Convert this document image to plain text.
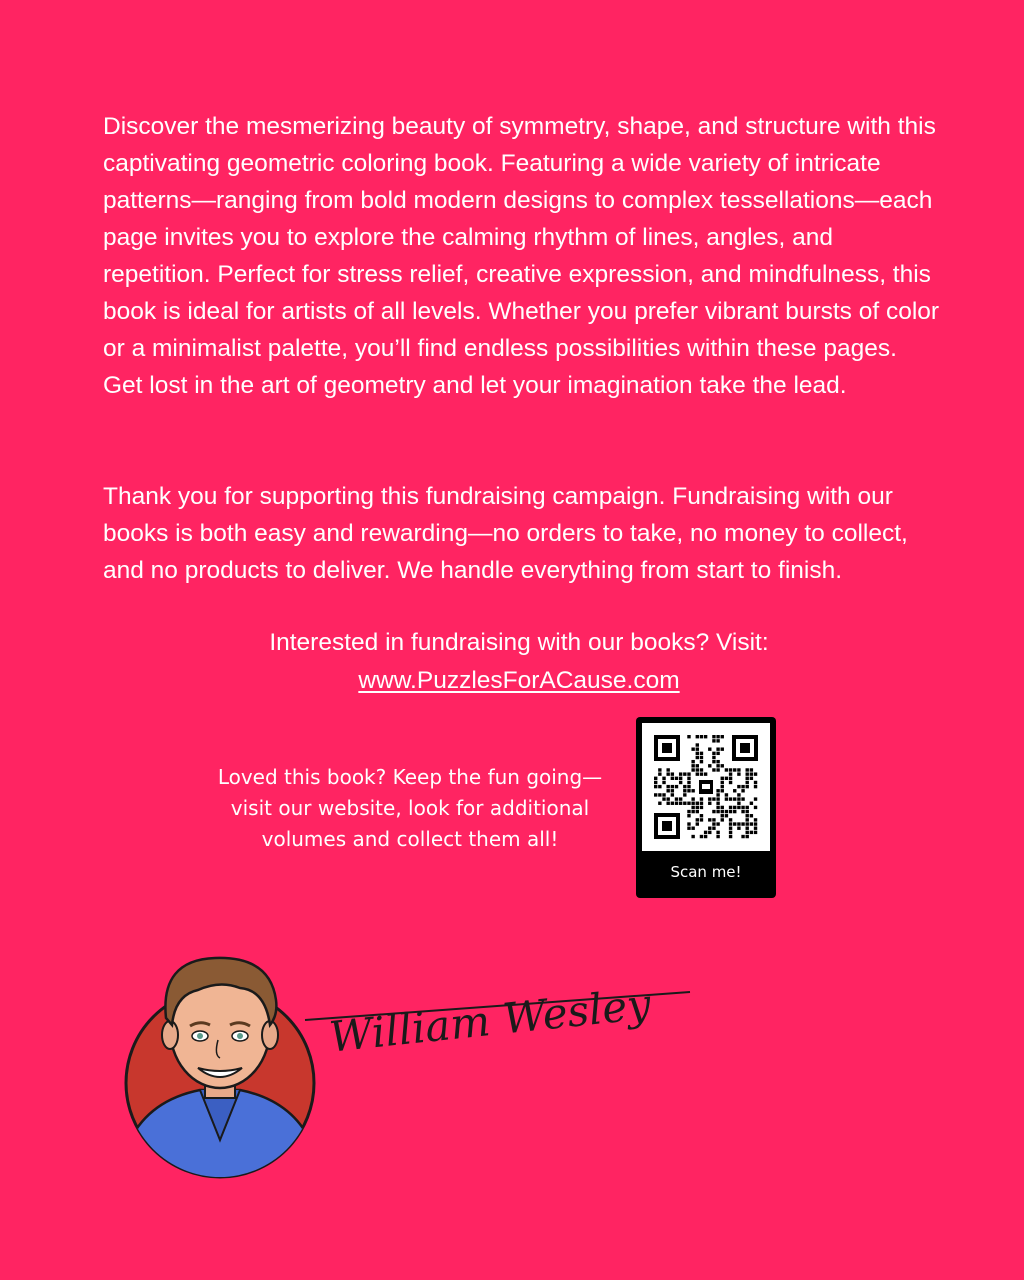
Discover the mesmerizing beauty of symmetry, shape, and structure with this captivating geometric coloring book. Featuring a wide variety of intricate patterns—ranging from bold modern designs to complex tessellations—each page invites you to explore the calming rhythm of lines, angles, and repetition. Perfect for stress relief, creative expression, and mindfulness, this book is ideal for artists of all levels. Whether you prefer vibrant bursts of color or a minimalist palette, you’ll find endless possibilities within these pages. Get lost in the art of geometry and let your imagination take the lead.

Thank you for supporting this fundraising campaign. Fundraising with our books is both easy and rewarding—no orders to take, no money to collect, and no products to deliver. We handle everything from start to finish.

Interested in fundraising with our books? Visit:
www.PuzzlesForACause.com

Loved this book? Keep the fun going—
visit our website, look for additional
volumes and collect them all!

Scan me!
William Wesley
